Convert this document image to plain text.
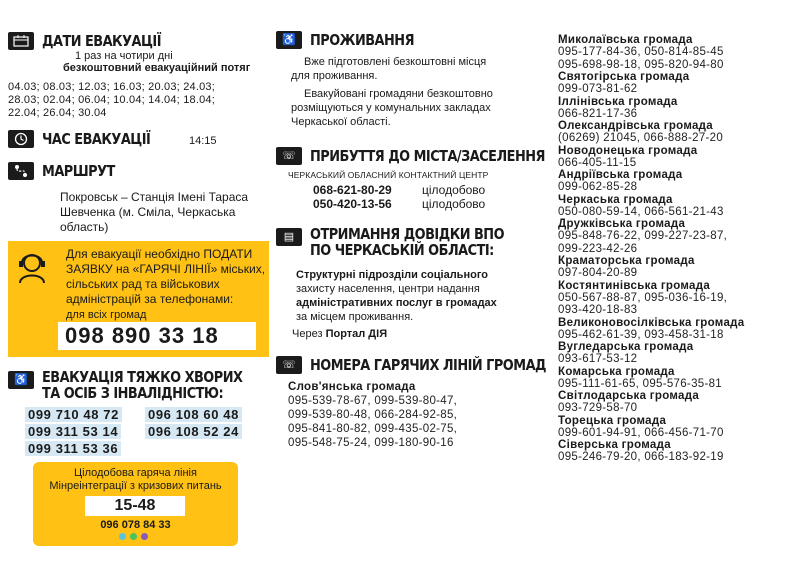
ДАТИ ЕВАКУАЦІЇ
1 раз на чотири дні
безкоштовний евакуаційний потяг
04.03; 08.03; 12.03; 16.03; 20.03; 24.03;
28.03; 02.04; 06.04; 10.04; 14.04; 18.04;
22.04; 26.04; 30.04
ЧАС ЕВАКУАЦІЇ	14:15
МАРШРУТ
Покровськ – Станція Імені Тараса
Шевченка (м. Сміла, Черкаська
область)
Для евакуації необхідно ПОДАТИ
ЗАЯВКУ на «ГАРЯЧІ ЛІНІЇ» міських,
сільських рад та військових
адміністрацій за телефонами:
для всіх громад
098 890 33 18
♿ ЕВАКУАЦІЯ ТЯЖКО ХВОРИХ
ТА ОСІБ З ІНВАЛІДНІСТЮ:
099 710 48 72
099 311 53 14
099 311 53 36
096 108 60 48
096 108 52 24
Цілодобова гаряча лінія
Мінреінтеграції з кризових питань
15-48
096 078 84 33
♿ ПРОЖИВАННЯ
Вже підготовлені безкоштовні місця
для проживання.
Евакуйовані громадяни безкоштовно
розміщуються у комунальних закладах
Черкаської області.
☏ ПРИБУТТЯ ДО МІСТА/ЗАСЕЛЕННЯ
ЧЕРКАСЬКИЙ ОБЛАСНИЙ КОНТАКТНИЙ ЦЕНТР
068-621-80-29
050-420-13-56
цілодобово
цілодобово
▤	ОТРИМАННЯ ДОВІДКИ ВПО
ПО ЧЕРКАСЬКІЙ ОБЛАСТІ:
Структурні підрозділи соціального
захисту населення, центри надання
адміністративних послуг в громадах
за місцем проживання.
Через Портал ДІЯ
☏ НОМЕРА ГАРЯЧИХ ЛІНІЙ ГРОМАД
Слов'янська громада
095-539-78-67, 099-539-80-47,
099-539-80-48, 066-284-92-85,
095-841-80-82, 099-435-02-75,
095-548-75-24, 099-180-90-16
Миколаївська громада
095-177-84-36, 050-814-85-45
095-698-98-18, 095-820-94-80
Святогірська громада
099-073-81-62
Іллінівська громада
066-821-17-36
Олександрівська громада
(06269) 21045, 066-888-27-20
Новодонецька громада
066-405-11-15
Андріївська громада
099-062-85-28
Черкаська громада
050-080-59-14, 066-561-21-43
Дружківська громада
095-848-76-22, 099-227-23-87,
099-223-42-26
Краматорська громада
097-804-20-89
Костянтинівська громада
050-567-88-87, 095-036-16-19,
093-420-18-83
Великоновосілківська громада
095-462-61-39, 093-458-31-18
Вугледарська громада
093-617-53-12
Комарська громада
095-111-61-65, 095-576-35-81
Світлодарська громада
093-729-58-70
Торецька громада
099-601-94-91, 066-456-71-70
Сіверська громада
095-246-79-20, 066-183-92-19
